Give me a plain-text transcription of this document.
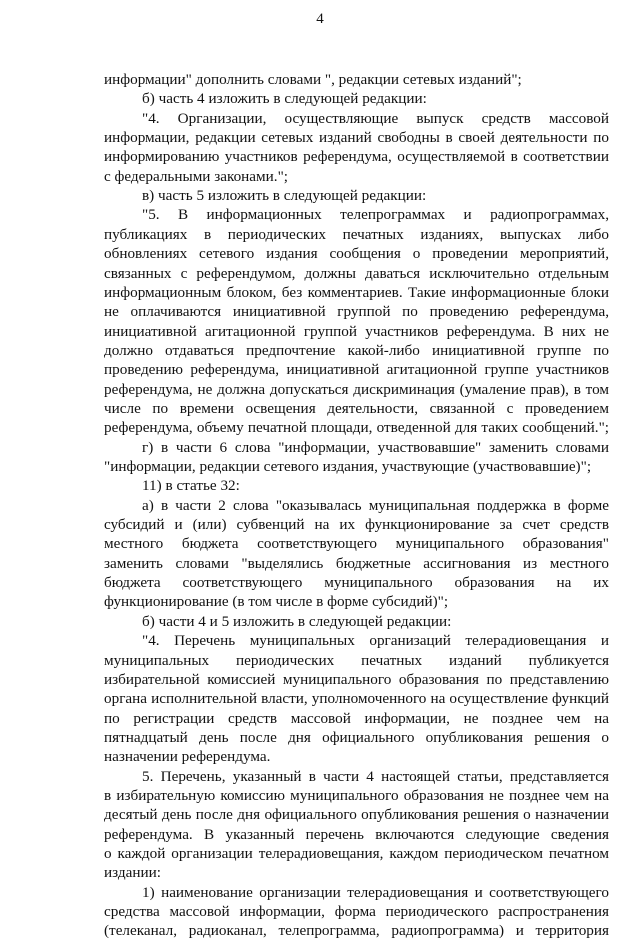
4
информации" дополнить словами ", редакции сетевых изданий";
б) часть 4 изложить в следующей редакции:
"4. Организации, осуществляющие выпуск средств массовой
информации, редакции сетевых изданий свободны в своей деятельности по
информированию участников референдума, осуществляемой в соответствии
с федеральными законами.";
в) часть 5 изложить в следующей редакции:
"5. В информационных телепрограммах и радиопрограммах,
публикациях в периодических печатных изданиях, выпусках либо
обновлениях сетевого издания сообщения о проведении мероприятий,
связанных с референдумом, должны даваться исключительно отдельным
информационным блоком, без комментариев. Такие информационные блоки
не оплачиваются инициативной группой по проведению референдума,
инициативной агитационной группой участников референдума. В них не
должно отдаваться предпочтение какой-либо инициативной группе по
проведению референдума, инициативной агитационной группе участников
референдума, не должна допускаться дискриминация (умаление прав), в том
числе по времени освещения деятельности, связанной с проведением
референдума, объему печатной площади, отведенной для таких сообщений.";
г) в части 6 слова "информации, участвовавшие" заменить словами
"информации, редакции сетевого издания, участвующие (участвовавшие)";
11) в статье 32:
а) в части 2 слова "оказывалась муниципальная поддержка в форме
субсидий и (или) субвенций на их функционирование за счет средств
местного бюджета соответствующего муниципального образования"
заменить словами "выделялись бюджетные ассигнования из местного
бюджета соответствующего муниципального образования на их
функционирование (в том числе в форме субсидий)";
б) части 4 и 5 изложить в следующей редакции:
"4. Перечень муниципальных организаций телерадиовещания и
муниципальных периодических печатных изданий публикуется
избирательной комиссией муниципального образования по представлению
органа исполнительной власти, уполномоченного на осуществление функций
по регистрации средств массовой информации, не позднее чем на
пятнадцатый день после дня официального опубликования решения о
назначении референдума.
5. Перечень, указанный в части 4 настоящей статьи, представляется
в избирательную комиссию муниципального образования не позднее чем на
десятый день после дня официального опубликования решения о назначении
референдума. В указанный перечень включаются следующие сведения
о каждой организации телерадиовещания, каждом периодическом печатном
издании:
1) наименование организации телерадиовещания и соответствующего
средства массовой информации, форма периодического распространения
(телеканал, радиоканал, телепрограмма, радиопрограмма) и территория
